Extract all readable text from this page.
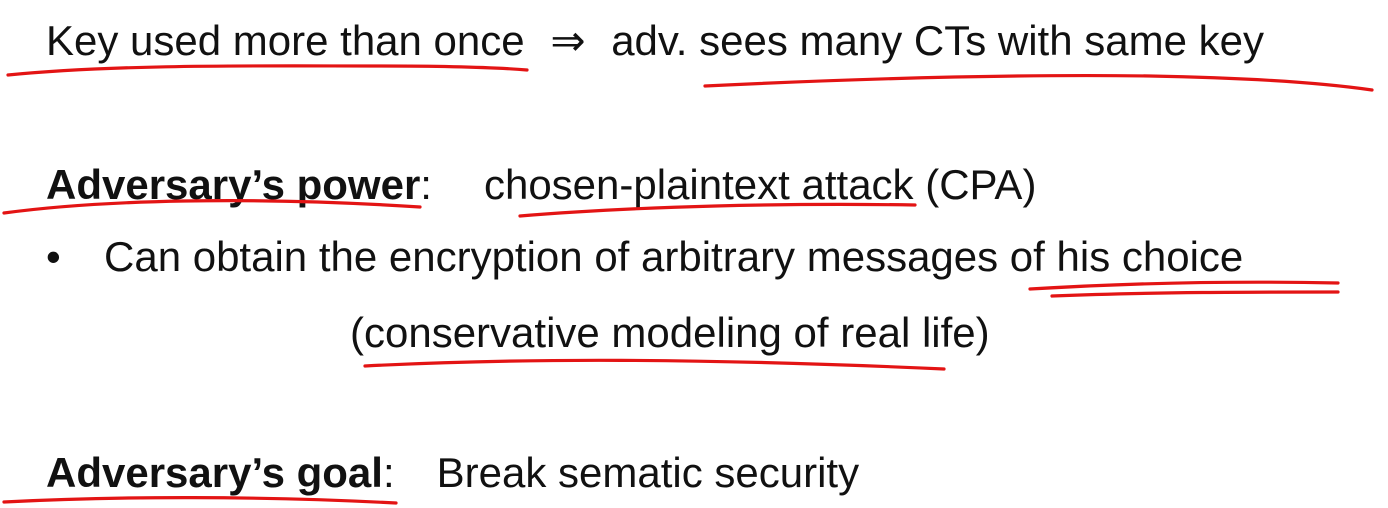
Key used more than once ⇒ adv. sees many CTs with same key
Adversary’s power: chosen-plaintext attack (CPA)
• Can obtain the encryption of arbitrary messages of his choice
(conservative modeling of real life)
Adversary’s goal: Break sematic security
